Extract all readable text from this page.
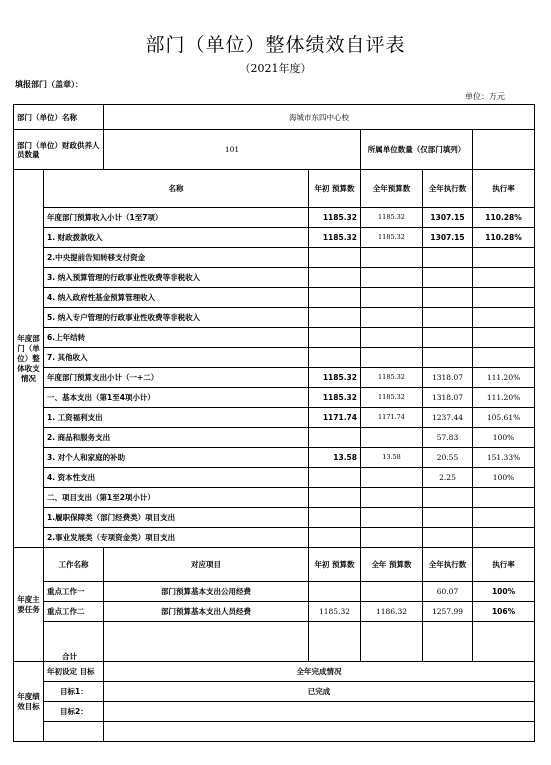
部门（单位）整体绩效自评表
（2021年度）
填报部门（盖章）：
单位：万元
部门（单位）名称		海城市东四中心校				
部门（单位）财政供养人员数量		101		所属单位数量（仅部门填列）		
年度部门（单位）整体收支情况	名称		年初 预算数	全年预算数	全年执行数	执行率
	年度部门预算收入小计（1至7项）		1185.32	1185.32	1307.15	110.28%
	1. 财政拨款收入		1185.32	1185.32	1307.15	110.28%
	2.中央提前告知转移支付资金					
	3. 纳入预算管理的行政事业性收费等非税收入					
	4. 纳入政府性基金预算管理收入					
	5. 纳入专户管理的行政事业性收费等非税收入					
	6.上年结转					
	7. 其他收入					
	年度部门预算支出小计（一+二）		1185.32	1185.32	1318.07	111.20%
	一、基本支出（第1至4项小计）		1185.32	1185.32	1318.07	111.20%
	1. 工资福利支出		1171.74	1171.74	1237.44	105.61%
	2. 商品和服务支出				57.83	100%
	3. 对个人和家庭的补助		13.58	13.58	20.55	151.33%
	4. 资本性支出				2.25	100%
	二、项目支出（第1至2项小计）					
	1.履职保障类（部门经费类）项目支出					
	2.事业发展类（专项资金类）项目支出					
年度主要任务	工作名称	对应项目	年初 预算数	全年 预算数	全年执行数	执行率
	重点工作一	部门预算基本支出公用经费			60.07	100%
	重点工作二	部门预算基本支出人员经费	1185.32	1186.32	1257.99	106%
	合计					
年度绩效目标	年初设定 目标	全年完成情况				
	目标1：	已完成				
	目标2：					
